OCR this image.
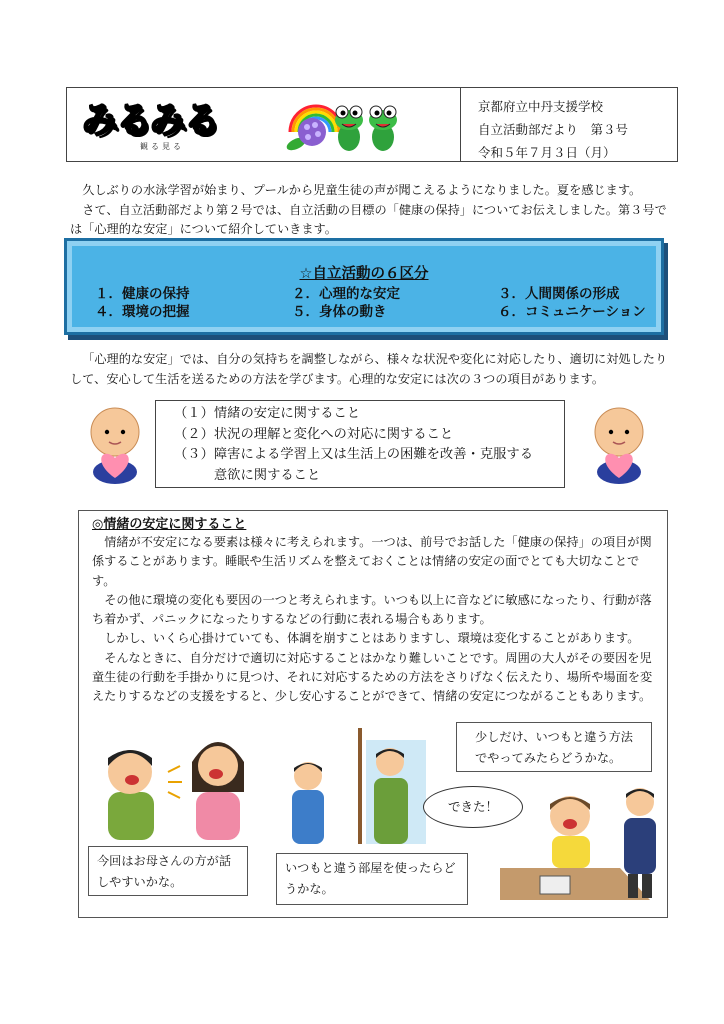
みるみる
観る見る
京都府立中丹支援学校
自立活動部だより　第３号
令和５年７月３日（月）

久しぶりの水泳学習が始まり、プールから児童生徒の声が聞こえるようになりました。夏を感じます。

さて、自立活動部だより第２号では、自立活動の目標の「健康の保持」についてお伝えしました。第３号では「心理的な安定」について紹介していきます。

☆自立活動の６区分
１．健康の保持	２．心理的な安定	３．人間関係の形成
４．環境の把握	５．身体の動き	６．コミュニケーション

「心理的な安定」では、自分の気持ちを調整しながら、様々な状況や変化に対応したり、適切に対処したりして、安心して生活を送るための方法を学びます。心理的な安定には次の３つの項目があります。

（１）情緒の安定に関すること
（２）状況の理解と変化への対応に関すること
（３）障害による学習上又は生活上の困難を改善・克服する
　　　意欲に関すること
◎情緒の安定に関すること

情緒が不安定になる要素は様々に考えられます。一つは、前号でお話した「健康の保持」の項目が関係することがあります。睡眠や生活リズムを整えておくことは情緒の安定の面でとても大切なことです。

その他に環境の変化も要因の一つと考えられます。いつも以上に音などに敏感になったり、行動が落ち着かず、パニックになったりするなどの行動に表れる場合もあります。

しかし、いくら心掛けていても、体調を崩すことはありますし、環境は変化することがあります。

そんなときに、自分だけで適切に対応することはかなり難しいことです。周囲の大人がその要因を児童生徒の行動を手掛かりに見つけ、それに対応するための方法をさりげなく伝えたり、場所や場面を変えたりするなどの支援をすると、少し安心することができて、情緒の安定につながることもあります。

今回はお母さんの方が話しやすいかな。
いつもと違う部屋を使ったらどうかな。
少しだけ、いつもと違う方法でやってみたらどうかな。
できた！
